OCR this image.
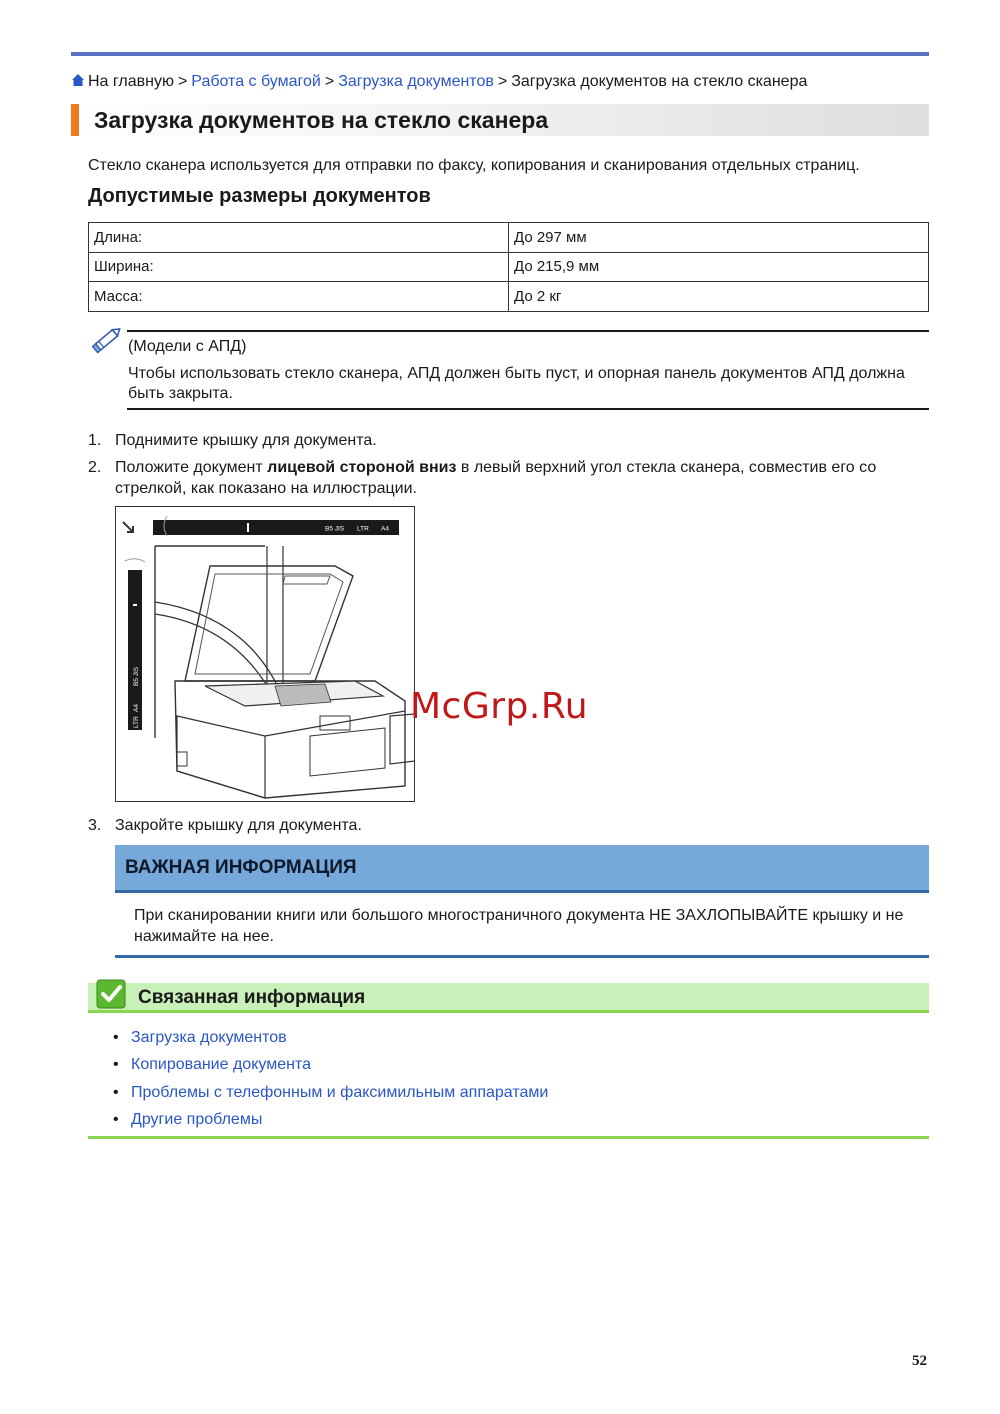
На главную > Работа с бумагой > Загрузка документов > Загрузка документов на стекло сканера
Загрузка документов на стекло сканера
Стекло сканера используется для отправки по факсу, копирования и сканирования отдельных страниц.
Допустимые размеры документов
Длина:	До 297 мм
Ширина:	До 215,9 мм
Масса:	До 2 кг
(Модели с АПД)
Чтобы использовать стекло сканера, АПД должен быть пуст, и опорная панель документов АПД должна быть закрыта.
1. Поднимите крышку для документа.
2. Положите документ лицевой стороной вниз в левый верхний угол стекла сканера, совместив его со стрелкой, как показано на иллюстрации.
B5 JIS LTR A4
B5 JIS
LTR
A4	McGrp.Ru
3. Закройте крышку для документа.
ВАЖНАЯ ИНФОРМАЦИЯ
При сканировании книги или большого многостраничного документа НЕ ЗАХЛОПЫВАЙТЕ крышку и не нажимайте на нее.
Связанная информация
• Загрузка документов
• Копирование документа
• Проблемы с телефонным и факсимильным аппаратами
• Другие проблемы
52
